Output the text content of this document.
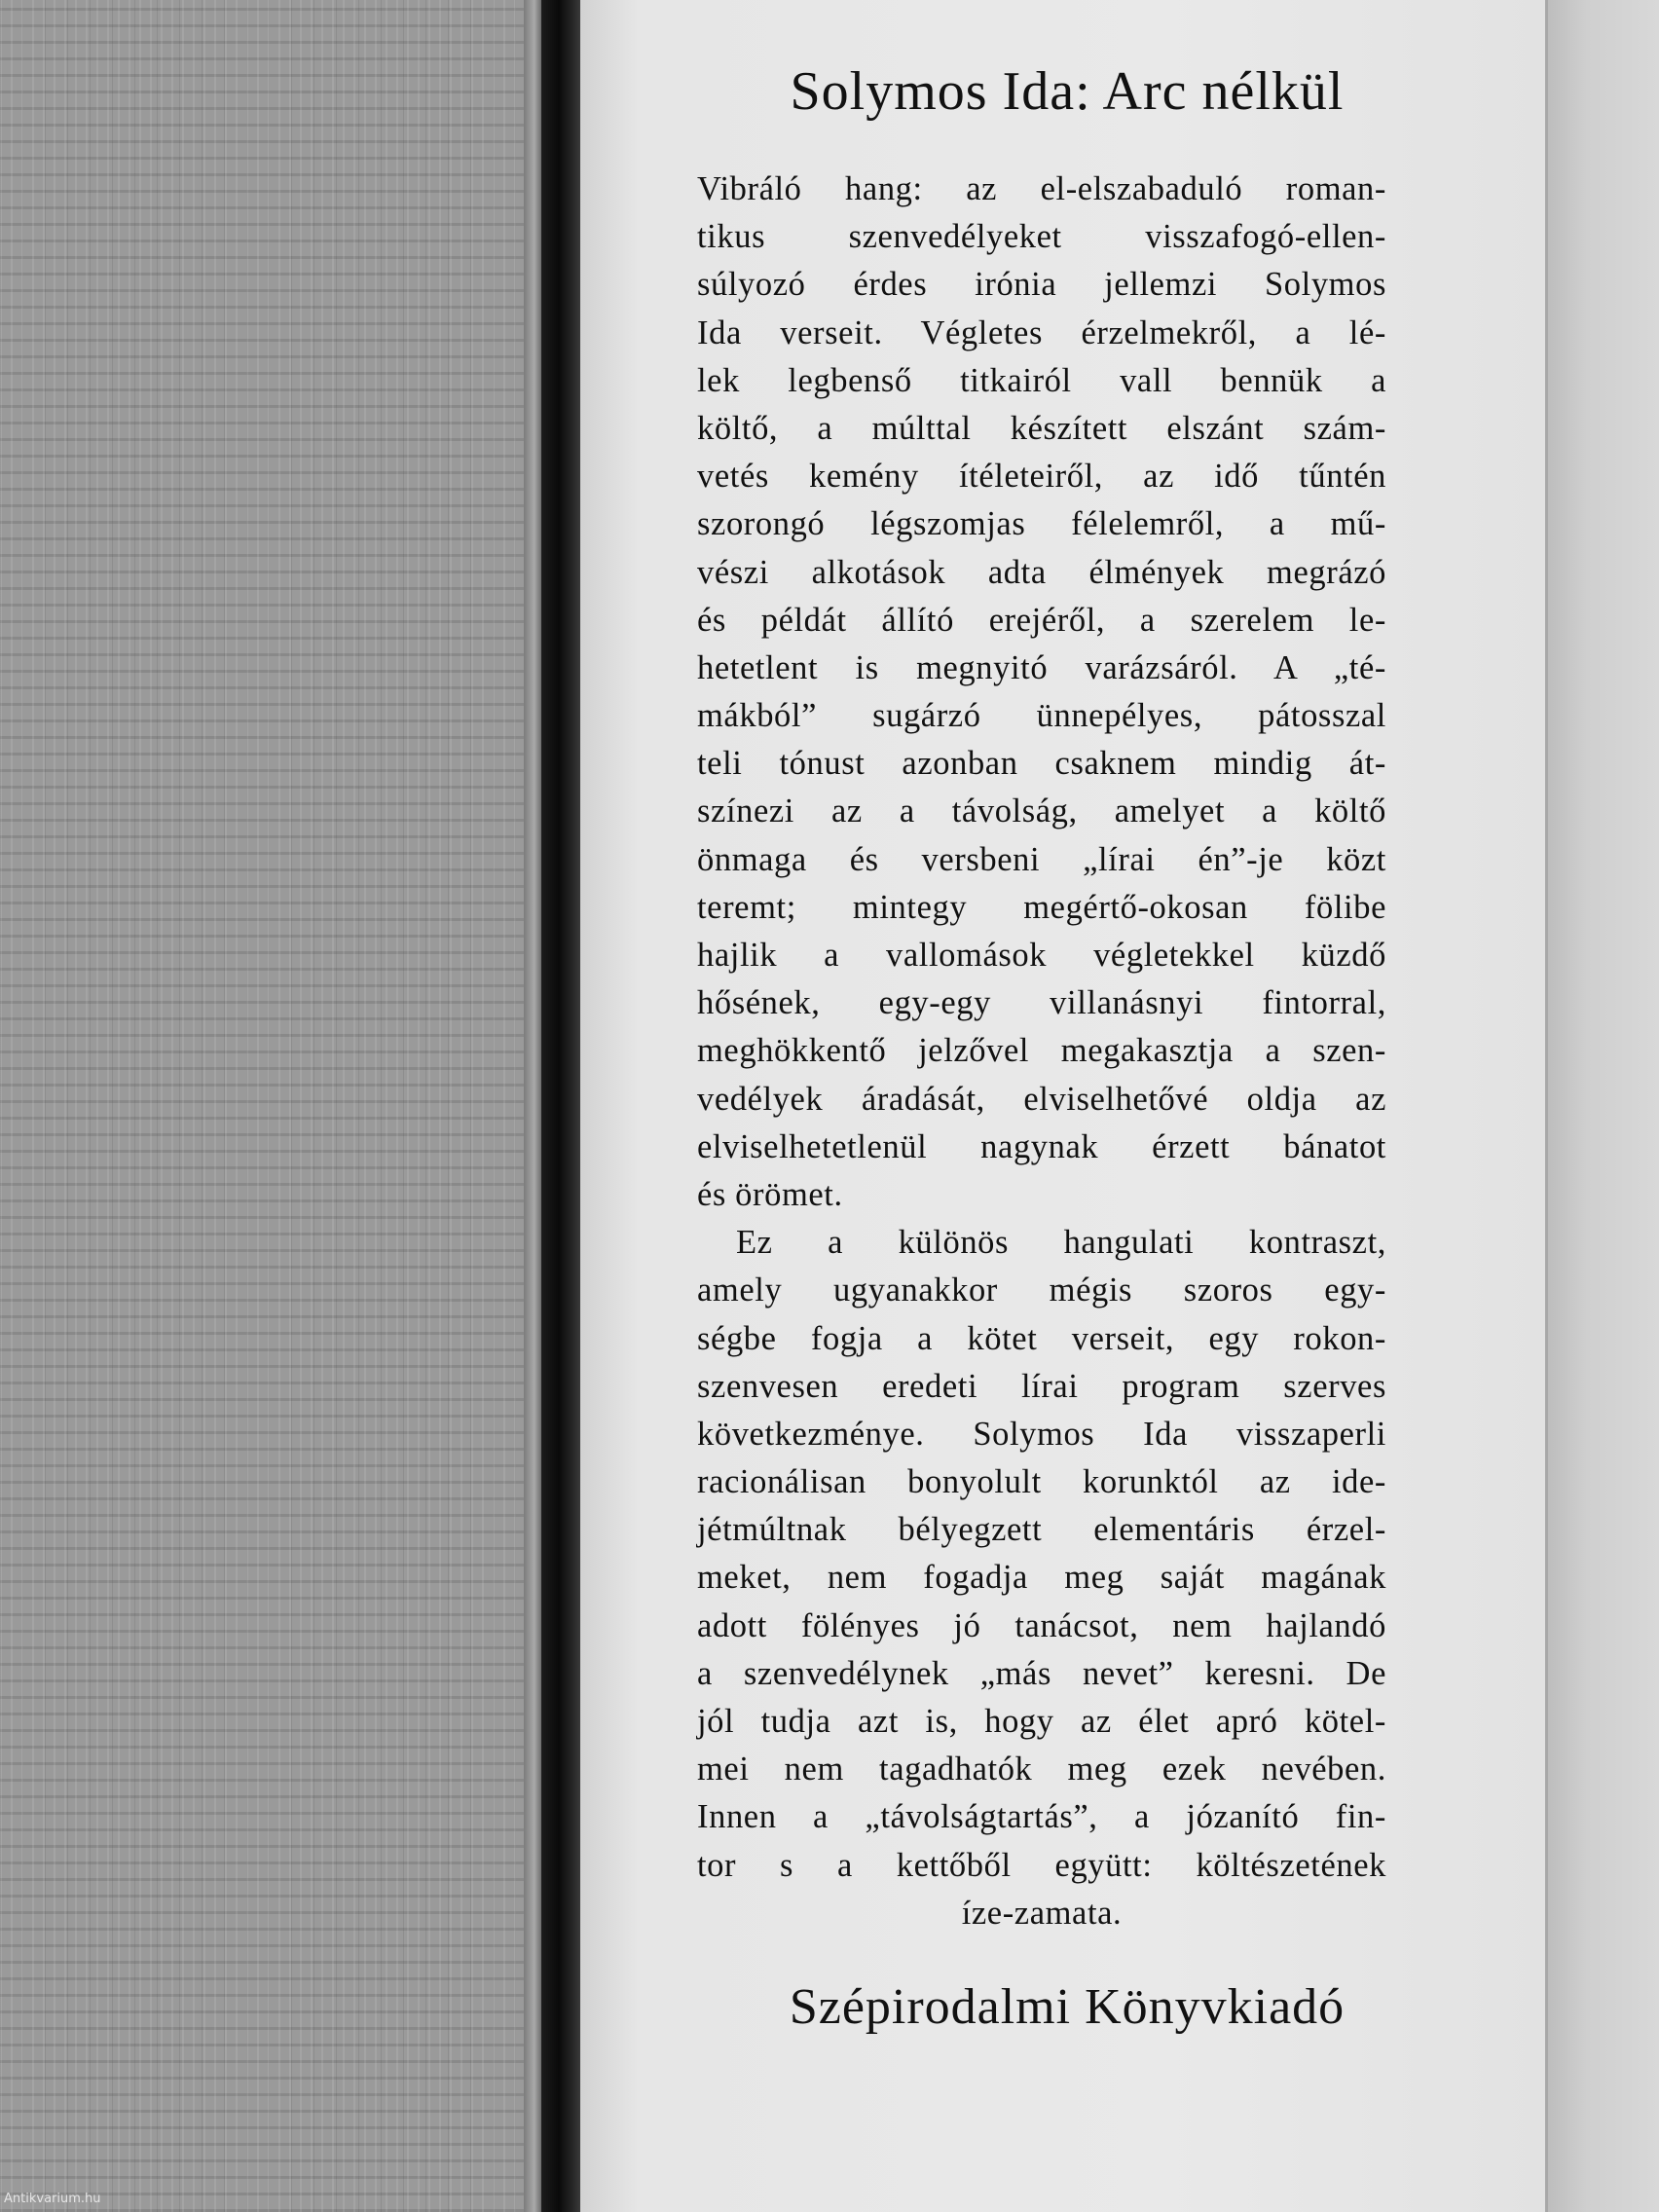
Solymos Ida: Arc nélkül
Vibráló hang: az el-elszabaduló roman-
tikus szenvedélyeket visszafogó-ellen-
súlyozó érdes irónia jellemzi Solymos
Ida verseit. Végletes érzelmekről, a lé-
lek legbenső titkairól vall bennük a
költő, a múlttal készített elszánt szám-
vetés kemény ítéleteiről, az idő tűntén
szorongó légszomjas félelemről, a mű-
vészi alkotások adta élmények megrázó
és példát állító erejéről, a szerelem le-
hetetlent is megnyitó varázsáról. A „té-
mákból” sugárzó ünnepélyes, pátosszal
teli tónust azonban csaknem mindig át-
színezi az a távolság, amelyet a költő
önmaga és versbeni „lírai én”-je közt
teremt; mintegy megértő-okosan fölibe
hajlik a vallomások végletekkel küzdő
hősének, egy-egy villanásnyi fintorral,
meghökkentő jelzővel megakasztja a szen-
vedélyek áradását, elviselhetővé oldja az
elviselhetetlenül nagynak érzett bánatot
és örömet.
Ez a különös hangulati kontraszt,
amely ugyanakkor mégis szoros egy-
ségbe fogja a kötet verseit, egy rokon-
szenvesen eredeti lírai program szerves
következménye. Solymos Ida visszaperli
racionálisan bonyolult korunktól az ide-
jétmúltnak bélyegzett elementáris érzel-
meket, nem fogadja meg saját magának
adott fölényes jó tanácsot, nem hajlandó
a szenvedélynek „más nevet” keresni. De
jól tudja azt is, hogy az élet apró kötel-
mei nem tagadhatók meg ezek nevében.
Innen a „távolságtartás”, a józanító fin-
tor s a kettőből együtt: költészetének
íze-zamata.
Szépirodalmi Könyvkiadó
Antikvarium.hu
